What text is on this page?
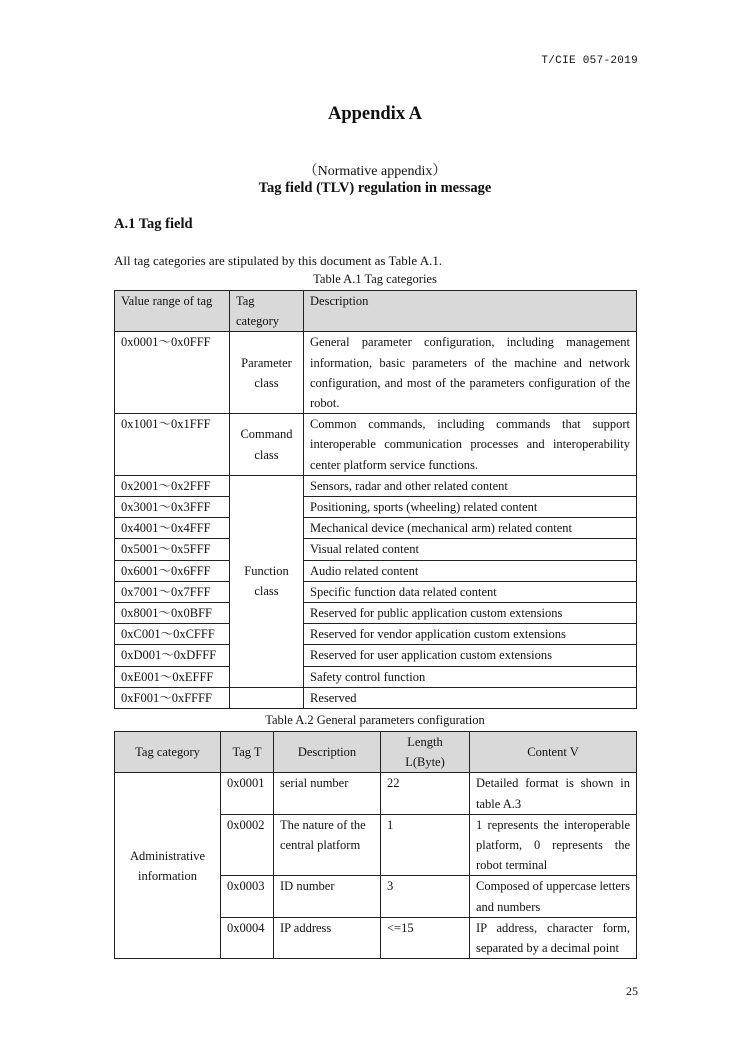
T/CIE 057-2019
Appendix A
（Normative appendix）
Tag field (TLV) regulation in message
A.1 Tag field
All tag categories are stipulated by this document as Table A.1.
Table A.1 Tag categories
Value range of tag	Tag category	Description
0x0001～0x0FFF	Parameter class	General parameter configuration, including management information, basic parameters of the machine and network configuration, and most of the parameters configuration of the robot.
0x1001～0x1FFF	Command class	Common commands, including commands that support interoperable communication processes and interoperability center platform service functions.
0x2001～0x2FFF	Function class	Sensors, radar and other related content
0x3001～0x3FFF		Positioning, sports (wheeling) related content
0x4001～0x4FFF		Mechanical device (mechanical arm) related content
0x5001～0x5FFF		Visual related content
0x6001～0x6FFF		Audio related content
0x7001～0x7FFF		Specific function data related content
0x8001～0x0BFF		Reserved for public application custom extensions
0xC001～0xCFFF		Reserved for vendor application custom extensions
0xD001～0xDFFF		Reserved for user application custom extensions
0xE001～0xEFFF		Safety control function
0xF001～0xFFFF		Reserved
Table A.2 General parameters configuration
Tag category	Tag T	Description	Length L(Byte)	Content V
Administrative information	0x0001	serial number	22	Detailed format is shown in table A.3
	0x0002	The nature of the central platform	1	1 represents the interoperable platform, 0 represents the robot terminal
	0x0003	ID number	3	Composed of uppercase letters and numbers
	0x0004	IP address	<=15	IP address, character form, separated by a decimal point
25
